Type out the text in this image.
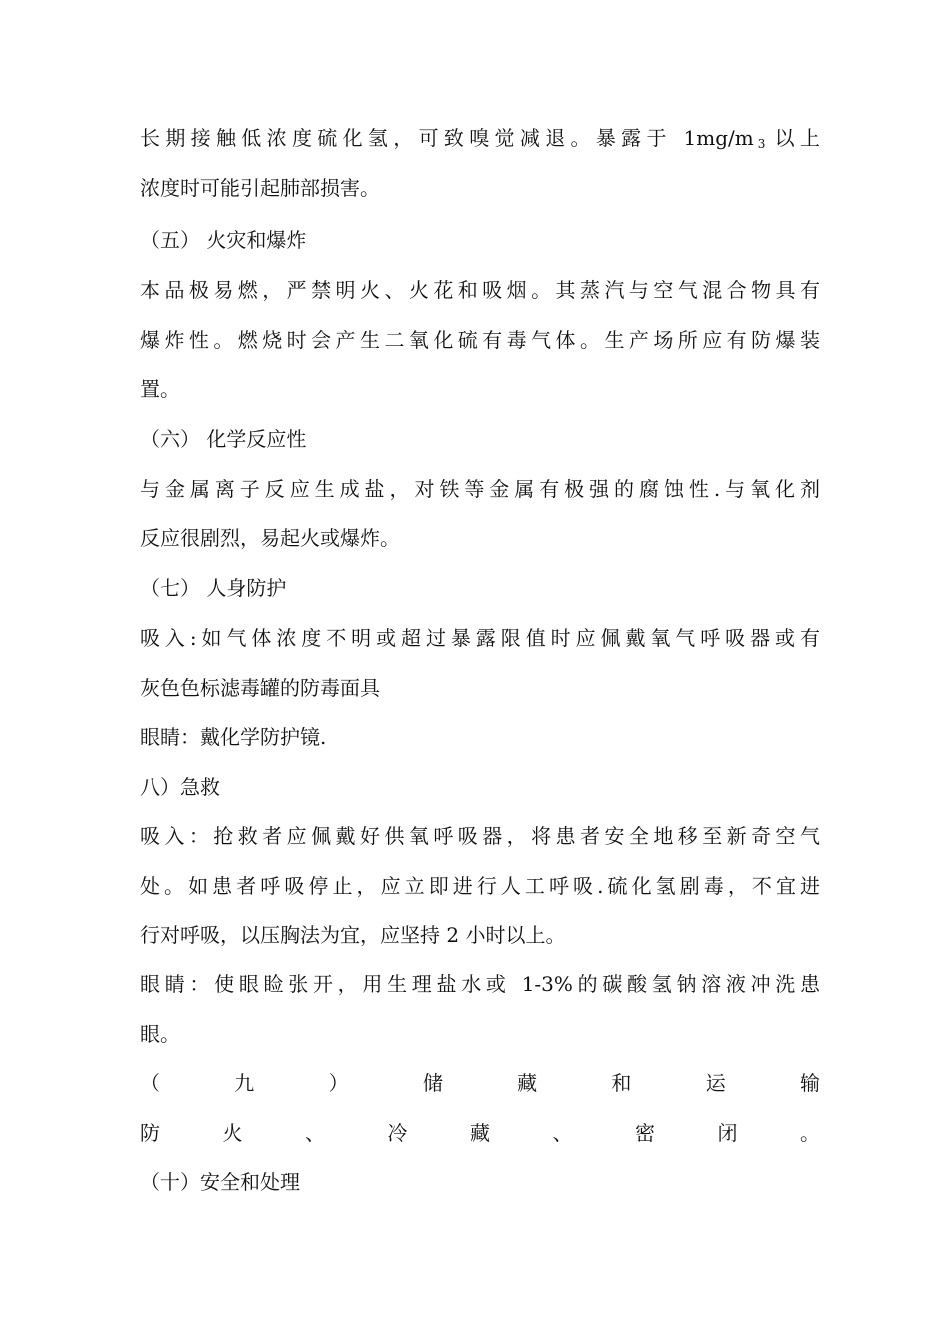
长期接触低浓度硫化氢，可致嗅觉减退。暴露于 1mg/m $_3$ 以上
浓度时可能引起肺部损害。
（五） 火灾和爆炸
本品极易燃，严禁明火、火花和吸烟。其蒸汽与空气混合物具有
爆炸性。燃烧时会产生二氧化硫有毒气体。生产场所应有防爆装
置。
（六） 化学反应性
与金属离子反应生成盐，对铁等金属有极强的腐蚀性.与氧化剂
反应很剧烈，易起火或爆炸。
（七） 人身防护
吸入:如气体浓度不明或超过暴露限值时应佩戴氧气呼吸器或有
灰色色标滤毒罐的防毒面具
眼睛：戴化学防护镜.
八）急救
吸入：抢救者应佩戴好供氧呼吸器，将患者安全地移至新奇空气
处。如患者呼吸停止，应立即进行人工呼吸.硫化氢剧毒，不宜进
行对呼吸，以压胸法为宜，应坚持 2 小时以上。
眼睛：使眼睑张开，用生理盐水或 1-3%的碳酸氢钠溶液冲洗患
眼。
（ 九 ） 储 藏 和 运 输
防 火 、 冷 藏 、 密 闭 。
（十）安全和处理
